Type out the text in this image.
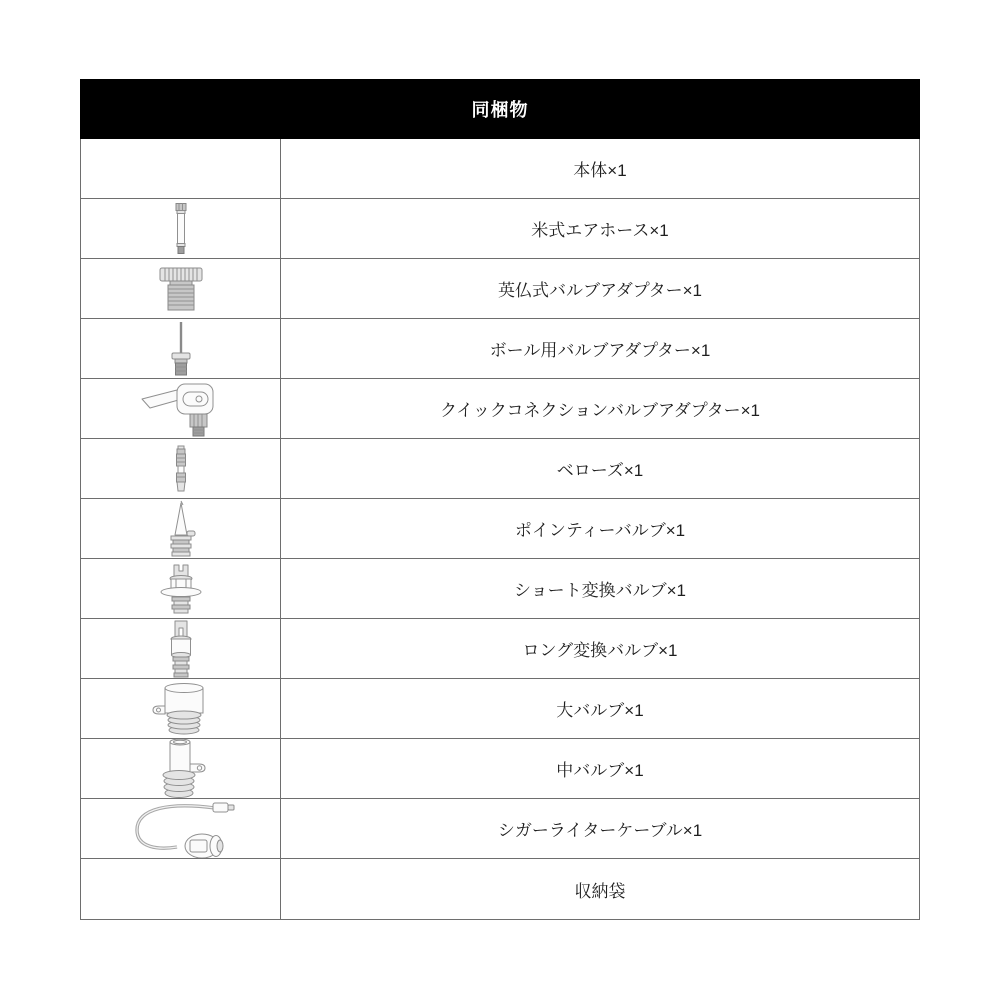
同梱物
本体×1
米式エアホース×1
英仏式バルブアダプター×1
ボール用バルブアダプター×1
クイックコネクションバルブアダプター×1
ベローズ×1
ポインティーバルブ×1
ショート変換バルブ×1
ロング変換バルブ×1
大バルブ×1
中バルブ×1
シガーライターケーブル×1
収納袋
